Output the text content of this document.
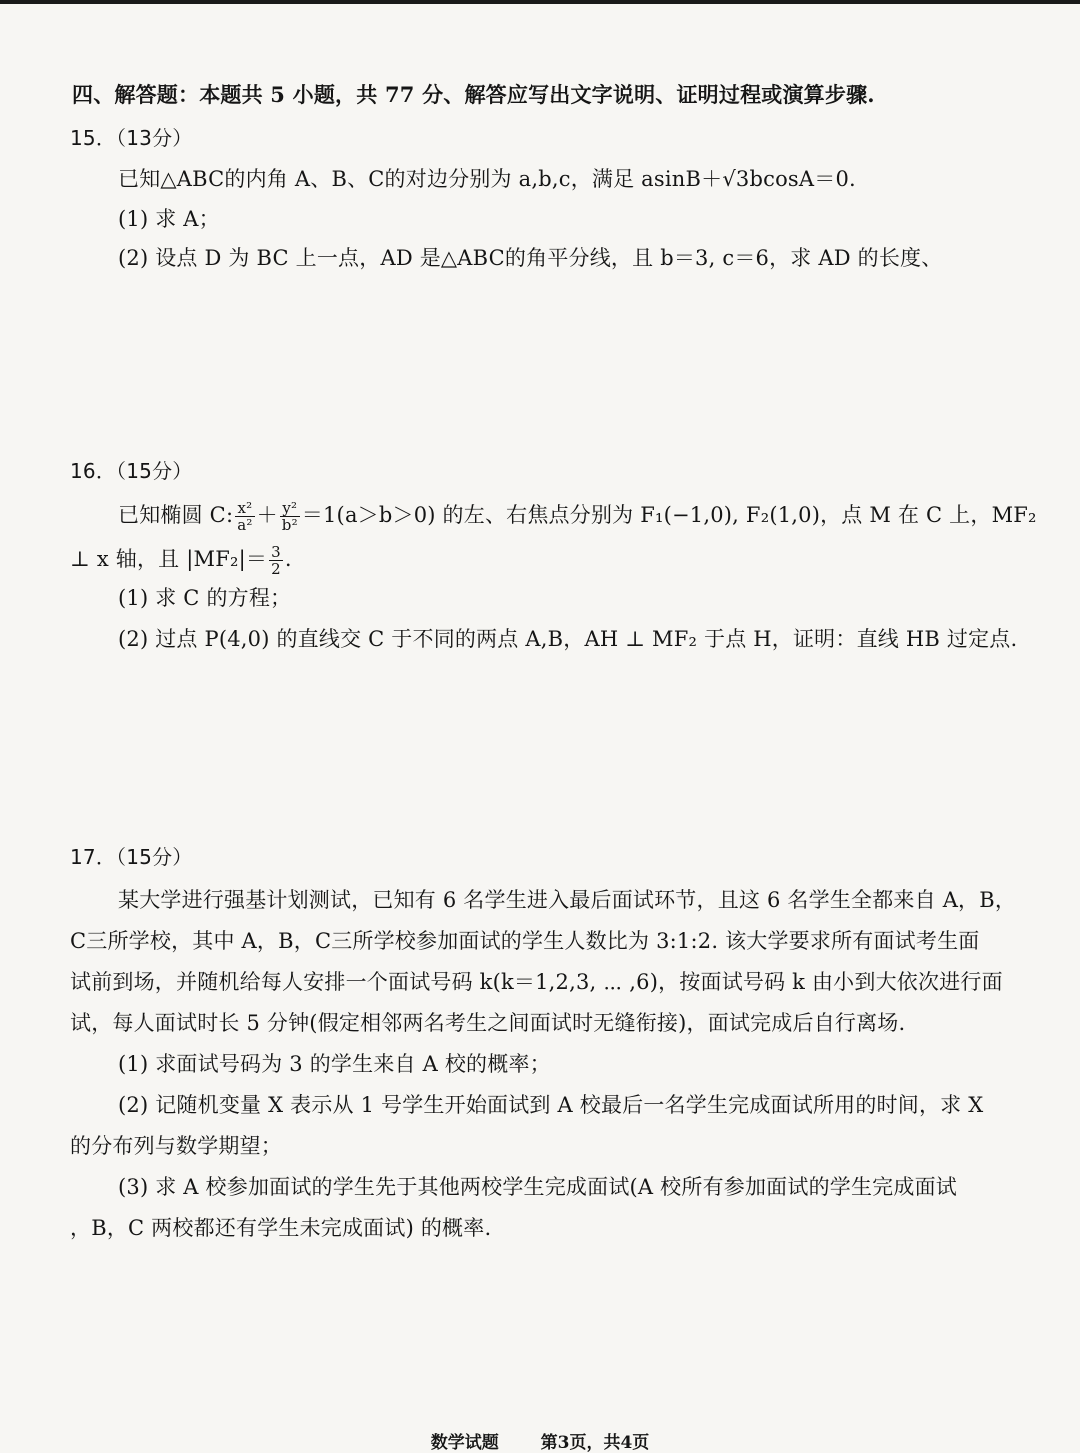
四、解答题：本题共 5 小题，共 77 分、解答应写出文字说明、证明过程或演算步骤.
15．（13分）
已知△ABC的内角 A、B、C的对边分别为 a,b,c，满足 asinB＋√3bcosA＝0.
(1) 求 A；
(2) 设点 D 为 BC 上一点，AD 是△ABC的角平分线，且 b＝3, c＝6，求 AD 的长度、
16．（15分）
已知椭圆 C: $\frac{\text{x²}}{\text{a²}} + \frac{\text{y²}}{\text{b²}} =1(a>b>0)$ 的左、右焦点分别为 F₁(−1,0), F₂(1,0)，点 M 在 C 上，MF₂
⊥ x 轴，且 $|MF_2|= \frac{3}{2}$ .
(1) 求 C 的方程；
(2) 过点 P(4,0) 的直线交 C 于不同的两点 A,B，AH ⊥ MF₂ 于点 H，证明：直线 HB 过定点.
17．（15分）
某大学进行强基计划测试，已知有 6 名学生进入最后面试环节，且这 6 名学生全都来自 A，B，
C三所学校，其中 A，B，C三所学校参加面试的学生人数比为 3:1:2. 该大学要求所有面试考生面
试前到场，并随机给每人安排一个面试号码 k(k＝1,2,3, ⋯ ,6)，按面试号码 k 由小到大依次进行面
试，每人面试时长 5 分钟(假定相邻两名考生之间面试时无缝衔接)，面试完成后自行离场.
(1) 求面试号码为 3 的学生来自 A 校的概率；
(2) 记随机变量 X 表示从 1 号学生开始面试到 A 校最后一名学生完成面试所用的时间，求 X
的分布列与数学期望；
(3) 求 A 校参加面试的学生先于其他两校学生完成面试(A 校所有参加面试的学生完成面试
，B，C 两校都还有学生未完成面试) 的概率.
数学试题 第3页，共4页
